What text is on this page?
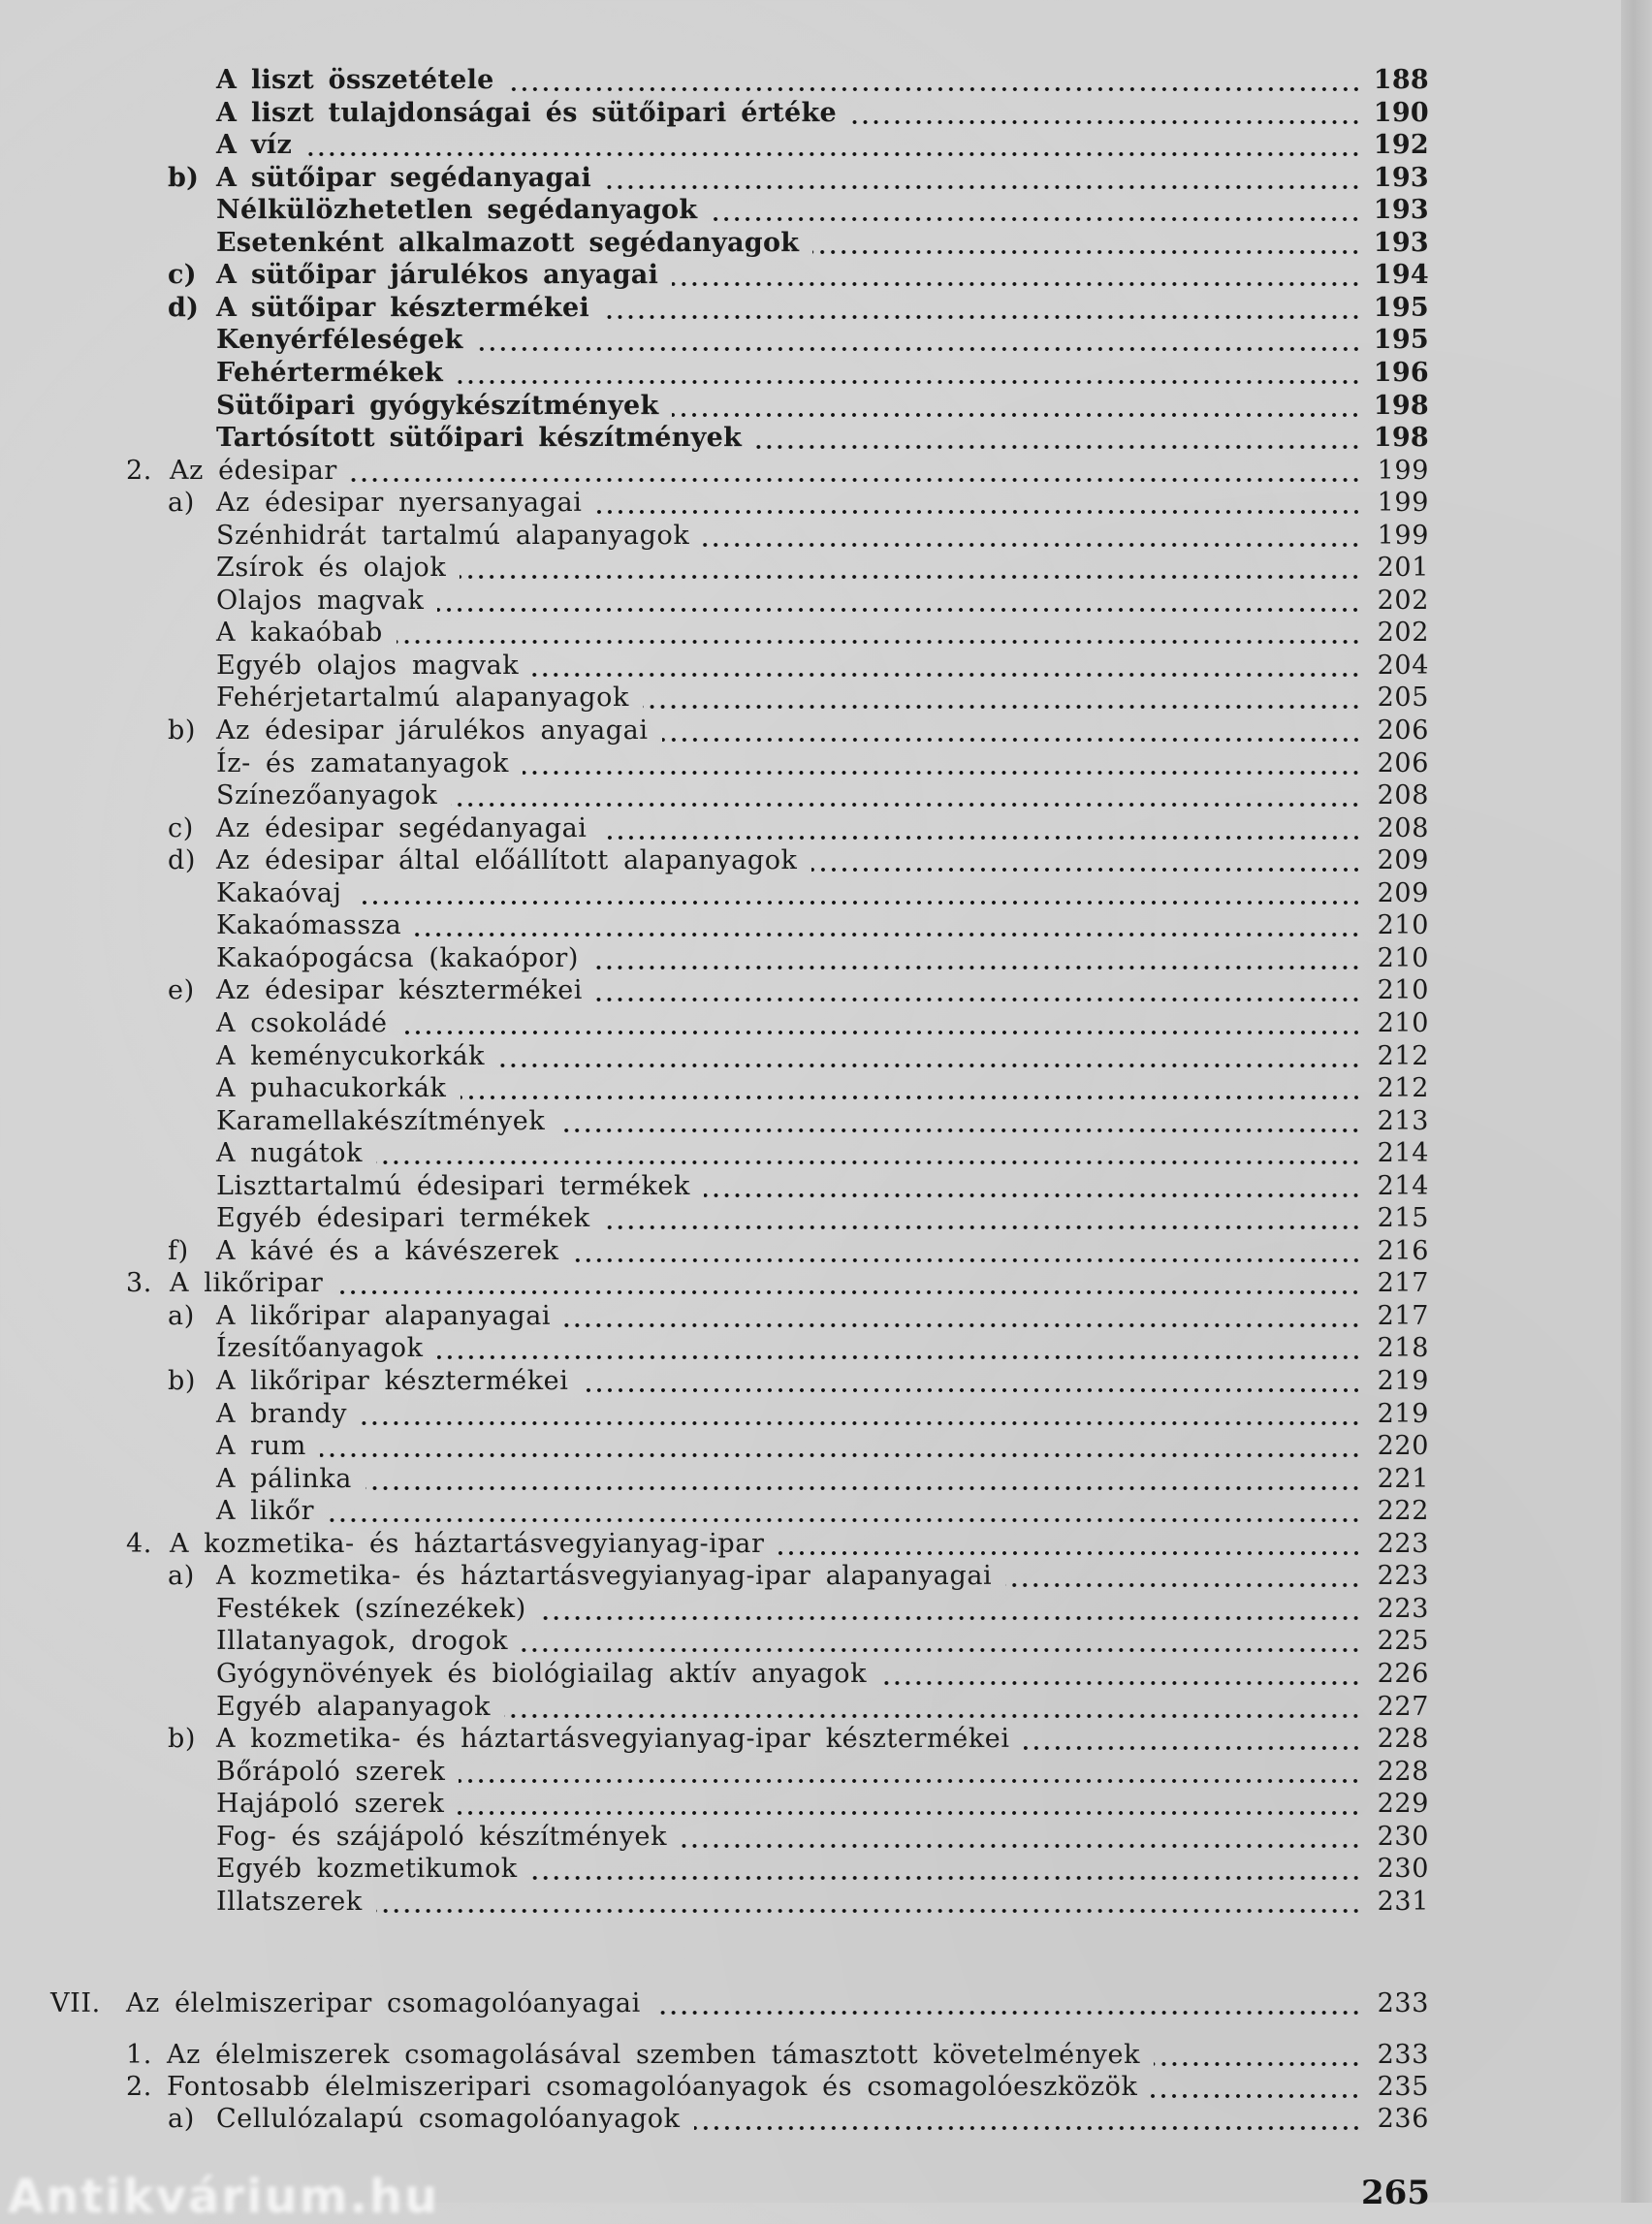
A liszt összetétele	188
A liszt tulajdonságai és sütőipari értéke	190
A víz	192
b) A sütőipar segédanyagai	193
Nélkülözhetetlen segédanyagok	193
Esetenként alkalmazott segédanyagok	193
c) A sütőipar járulékos anyagai	194
d) A sütőipar késztermékei	195
Kenyérféleségek	195
Fehértermékek	196
Sütőipari gyógykészítmények	198
Tartósított sütőipari készítmények	198
2. Az édesipar	199
a) Az édesipar nyersanyagai	199
Szénhidrát tartalmú alapanyagok	199
Zsírok és olajok	201
Olajos magvak	202
A kakaóbab	202
Egyéb olajos magvak	204
Fehérjetartalmú alapanyagok	205
b) Az édesipar járulékos anyagai	206
Íz- és zamatanyagok	206
Színezőanyagok	208
c) Az édesipar segédanyagai	208
d) Az édesipar által előállított alapanyagok	209
Kakaóvaj	209
Kakaómassza	210
Kakaópogácsa (kakaópor)	210
e) Az édesipar késztermékei	210
A csokoládé	210
A keménycukorkák	212
A puhacukorkák	212
Karamellakészítmények	213
A nugátok	214
Liszttartalmú édesipari termékek	214
Egyéb édesipari termékek	215
f)	A kávé és a kávészerek	216
3. A likőripar	217
a) A likőripar alapanyagai	217
Ízesítőanyagok	218
b) A likőripar késztermékei	219
A brandy	219
A rum	220
A pálinka	221
A likőr	222
4. A kozmetika- és háztartásvegyianyag-ipar	223
a) A kozmetika- és háztartásvegyianyag-ipar alapanyagai	223
Festékek (színezékek)	223
Illatanyagok, drogok	225
Gyógynövények és biológiailag aktív anyagok	226
Egyéb alapanyagok	227
b) A kozmetika- és háztartásvegyianyag-ipar késztermékei	228
Bőrápoló szerek	228
Hajápoló szerek	229
Fog- és szájápoló készítmények	230
Egyéb kozmetikumok	230
Illatszerek	231
VII. Az élelmiszeripar csomagolóanyagai	233
1. Az élelmiszerek csomagolásával szemben támasztott követelmények	233
2. Fontosabb élelmiszeripari csomagolóanyagok és csomagolóeszközök	235
a) Cellulózalapú csomagolóanyagok	236
265
Antikvárium.hu
